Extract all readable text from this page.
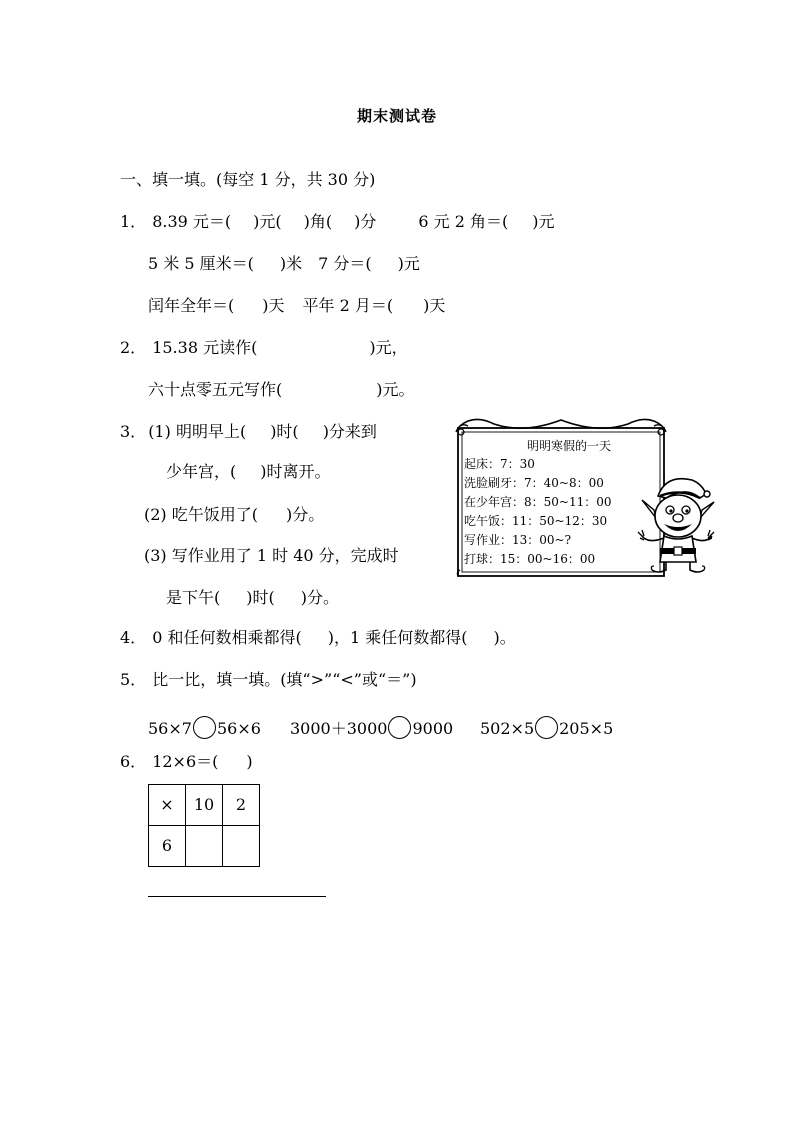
期末测试卷
一、填一填。(每空 1 分，共 30 分)
1． 8.39 元＝( )元( )角( )分	6 元 2 角＝( )元
5 米 5 厘米＝( )米 7 分＝( )元
闰年全年＝( )天 平年 2 月＝( )天
2． 15.38 元读作(	)元，
六十点零五元写作(	)元。
3． (1) 明明早上( )时( )分来到
少年宫，( )时离开。
(2) 吃午饭用了( )分。
(3) 写作业用了 1 时 40 分，完成时
是下午( )时( )分。
明明寒假的一天
起床：7：30
洗脸刷牙：7：40~8：00
在少年宫：8：50~11：00
吃午饭：11：50~12：30
写作业：13：00~?
打球：15：00~16：00
4． 0 和任何数相乘都得( )，1 乘任何数都得( )。
5． 比一比，填一填。(填“>”“<”或“＝”)
56×7 56×6 3000＋3000 9000 502×5 205×5
6． 12×6＝( )
×	10	2
6		
